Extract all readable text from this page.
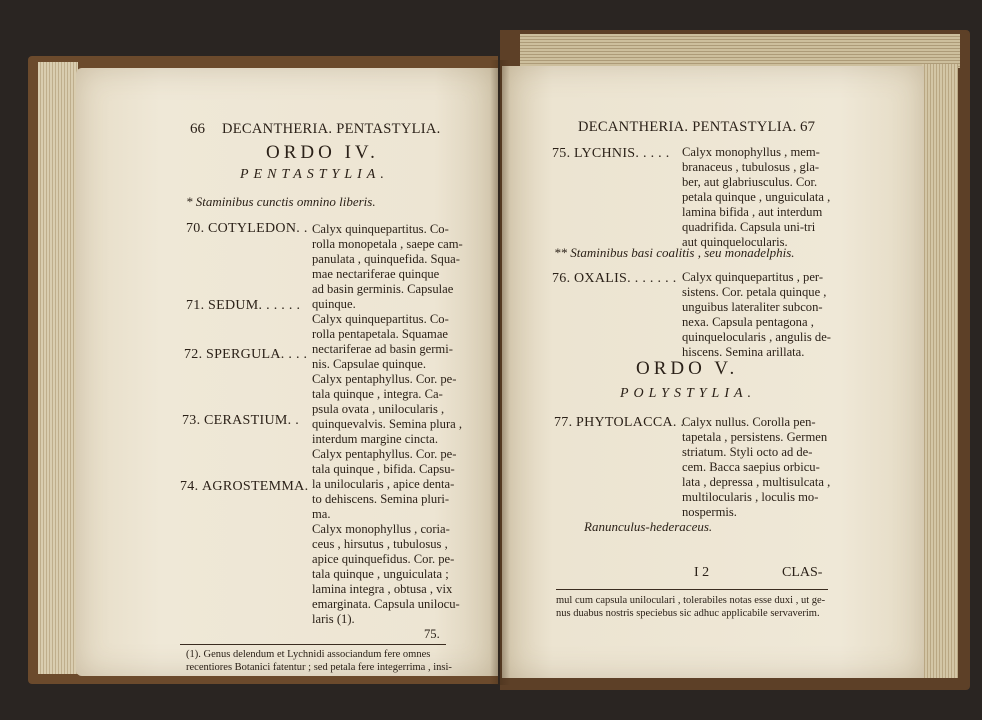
66 DECANTHERIA. PENTASTYLIA.
ORDO IV.
PENTASTYLIA.
* Staminibus cunctis omnino liberis.
70. COTYLEDON. . Calyx quinquepartitus. Co-
rolla monopetala , saepe cam-
panulata , quinquefida. Squa-
mae nectariferae quinque
ad basin germinis. Capsulae
quinque.
71. SEDUM. . . . . .
Calyx quinquepartitus. Co-
rolla pentapetala. Squamae
nectariferae ad basin germi-
nis. Capsulae quinque.
72. SPERGULA. . . .
Calyx pentaphyllus. Cor. pe-
tala quinque , integra. Ca-
psula ovata , unilocularis ,
quinquevalvis. Semina plura ,
interdum margine cincta.
73. CERASTIUM. .
Calyx pentaphyllus. Cor. pe-
tala quinque , bifida. Capsu-
la unilocularis , apice denta-
to dehiscens. Semina pluri-
ma.
74. AGROSTEMMA.
Calyx monophyllus , coria-
ceus , hirsutus , tubulosus ,
apice quinquefidus. Cor. pe-
tala quinque , unguiculata ;
lamina integra , obtusa , vix
emarginata. Capsula unilocu-
laris (1).
75.
(1). Genus delendum et Lychnidi associandum fere omnes
recentiores Botanici fatentur ; sed petala fere integerrima , insi-
DECANTHERIA. PENTASTYLIA. 67
75. LYCHNIS. . . . . Calyx monophyllus , mem-
branaceus , tubulosus , gla-
ber, aut glabriusculus. Cor.
petala quinque , unguiculata ,
lamina bifida , aut interdum
quadrifida. Capsula uni-tri
aut quinquelocularis.
** Staminibus basi coalitis , seu monadelphis.
76. OXALIS. . . . . . . Calyx quinquepartitus , per-
sistens. Cor. petala quinque ,
unguibus lateraliter subcon-
nexa. Capsula pentagona ,
quinquelocularis , angulis de-
hiscens. Semina arillata.
ORDO V.
POLYSTYLIA.
77. PHYTOLACCA. .
Calyx nullus. Corolla pen-
tapetala , persistens. Germen
striatum. Styli octo ad de-
cem. Bacca saepius orbicu-
lata , depressa , multisulcata ,
multilocularis , loculis mo-
nospermis.
Ranunculus-hederaceus.
I 2	CLAS-
mul cum capsula uniloculari , tolerabiles notas esse duxi , ut ge-
nus duabus nostris speciebus sic adhuc applicabile servaverim.
